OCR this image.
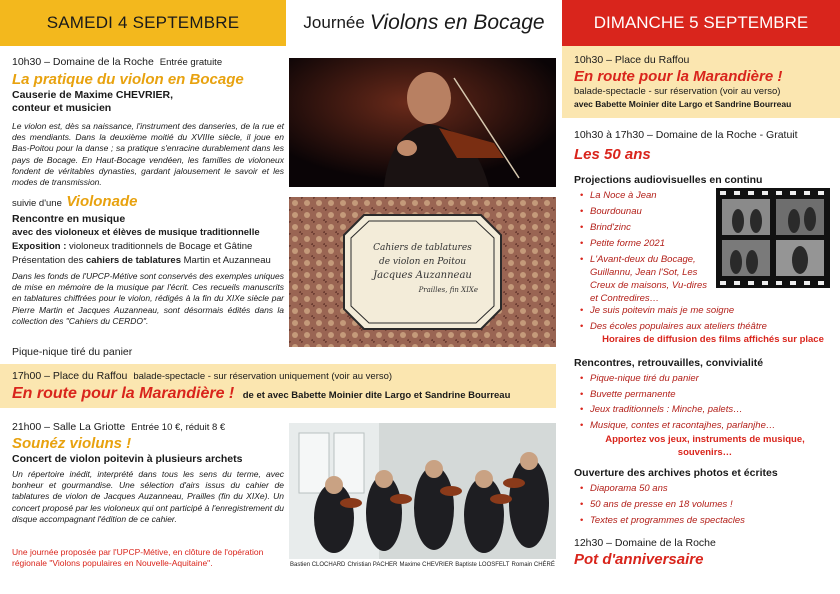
SAMEDI 4 SEPTEMBRE	Journée Violons en Bocage	DIMANCHE 5 SEPTEMBRE
10h30 – Domaine de la Roche Entrée gratuite
La pratique du violon en Bocage
Causerie de Maxime CHEVRIER,
conteur et musicien
Le violon est, dès sa naissance, l'instrument des danseries, de la rue et des mendiants. Dans la deuxième moitié du XVIIIe siècle, il joue en Bas-Poitou pour la danse ; sa pratique s'enracine durablement dans les pays de Bocage. En Haut-Bocage vendéen, les familles de violoneux fondent de véritables dynasties, gardant jalousement le savoir et les modes de transmission.
suivie d'une Violonade
Rencontre en musique
avec des violoneux et élèves de musique traditionnelle
Exposition : violoneux traditionnels de Bocage et Gâtine
Présentation des cahiers de tablatures Martin et Auzanneau
Dans les fonds de l'UPCP-Métive sont conservés des exemples uniques de mise en mémoire de la musique par l'écrit. Ces recueils manuscrits en tablatures chiffrées pour le violon, rédigés à la fin du XIXe siècle par Pierre Martin et Jacques Auzanneau, sont désormais édités dans la collection des "Cahiers du CERDO".
Pique-nique tiré du panier
Cahiers de tablatures
de violon en Poitou
Jacques Auzanneau
Prailles, fin XIXe
17h00 – Place du Raffou balade-spectacle - sur réservation uniquement (voir au verso)
En route pour la Marandière ! de et avec Babette Moinier dite Largo et Sandrine Bourreau
21h00 – Salle La Griotte Entrée 10 €, réduit 8 €
Sounéz violuns !
Concert de violon poitevin à plusieurs archets
Un répertoire inédit, interprété dans tous les sens du terme, avec bonheur et gourmandise. Une sélection d'airs issus du cahier de tablatures de violon de Jacques Auzanneau, Prailles (fin du XIXe). Un concert proposé par les violoneux qui ont participé à l'enregistrement du disque accompagnant l'édition de ce cahier.
Une journée proposée par l'UPCP-Métive, en clôture de l'opération régionale "Violons populaires en Nouvelle-Aquitaine".	Bastien CLOCHARD Christian PACHER Maxime CHEVRIER Baptiste LOOSFELT Romain CHÉRÉ
10h30 – Place du Raffou
En route pour la Marandière !
balade-spectacle - sur réservation (voir au verso)
avec Babette Moinier dite Largo et Sandrine Bourreau
10h30 à 17h30 – Domaine de la Roche - Gratuit
Les 50 ans
Projections audiovisuelles en continu
• La Noce à Jean
• Bourdounau
• Brind'zinc
• Petite forme 2021
• L'Avant-deux du Bocage, Guillannu, Jean l'Sot, Les Creux de maisons, Vu-dires et Contredires…
• Je suis poitevin mais je me soigne
• Des écoles populaires aux ateliers théâtre
Horaires de diffusion des films affichés sur place
Rencontres, retrouvailles, convivialité
• Pique-nique tiré du panier
• Buvette permanente
• Jeux traditionnels : Minche, palets…
• Musique, contes et racontajhes, parlanjhe…
Apportez vos jeux, instruments de musique,
souvenirs…
Ouverture des archives photos et écrites
• Diaporama 50 ans
• 50 ans de presse en 18 volumes !
• Textes et programmes de spectacles
12h30 – Domaine de la Roche
Pot d'anniversaire
